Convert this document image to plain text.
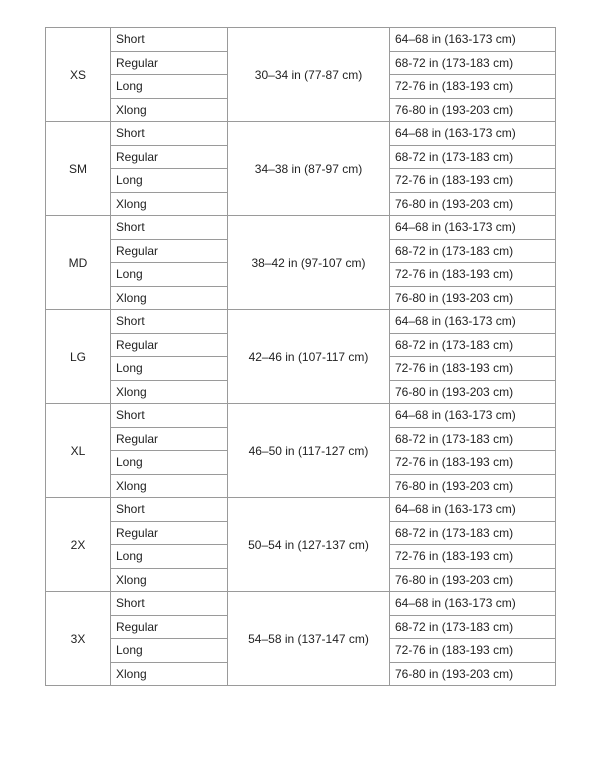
XS	Short	30–34 in (77-87 cm)	64–68 in (163-173 cm)
	Regular		68-72 in (173-183 cm)
	Long		72-76 in (183-193 cm)
	Xlong		76-80 in (193-203 cm)
SM	Short	34–38 in (87-97 cm)	64–68 in (163-173 cm)
	Regular		68-72 in (173-183 cm)
	Long		72-76 in (183-193 cm)
	Xlong		76-80 in (193-203 cm)
MD	Short	38–42 in (97-107 cm)	64–68 in (163-173 cm)
	Regular		68-72 in (173-183 cm)
	Long		72-76 in (183-193 cm)
	Xlong		76-80 in (193-203 cm)
LG	Short	42–46 in (107-117 cm)	64–68 in (163-173 cm)
	Regular		68-72 in (173-183 cm)
	Long		72-76 in (183-193 cm)
	Xlong		76-80 in (193-203 cm)
XL	Short	46–50 in (117-127 cm)	64–68 in (163-173 cm)
	Regular		68-72 in (173-183 cm)
	Long		72-76 in (183-193 cm)
	Xlong		76-80 in (193-203 cm)
2X	Short	50–54 in (127-137 cm)	64–68 in (163-173 cm)
	Regular		68-72 in (173-183 cm)
	Long		72-76 in (183-193 cm)
	Xlong		76-80 in (193-203 cm)
3X	Short	54–58 in (137-147 cm)	64–68 in (163-173 cm)
	Regular		68-72 in (173-183 cm)
	Long		72-76 in (183-193 cm)
	Xlong		76-80 in (193-203 cm)
